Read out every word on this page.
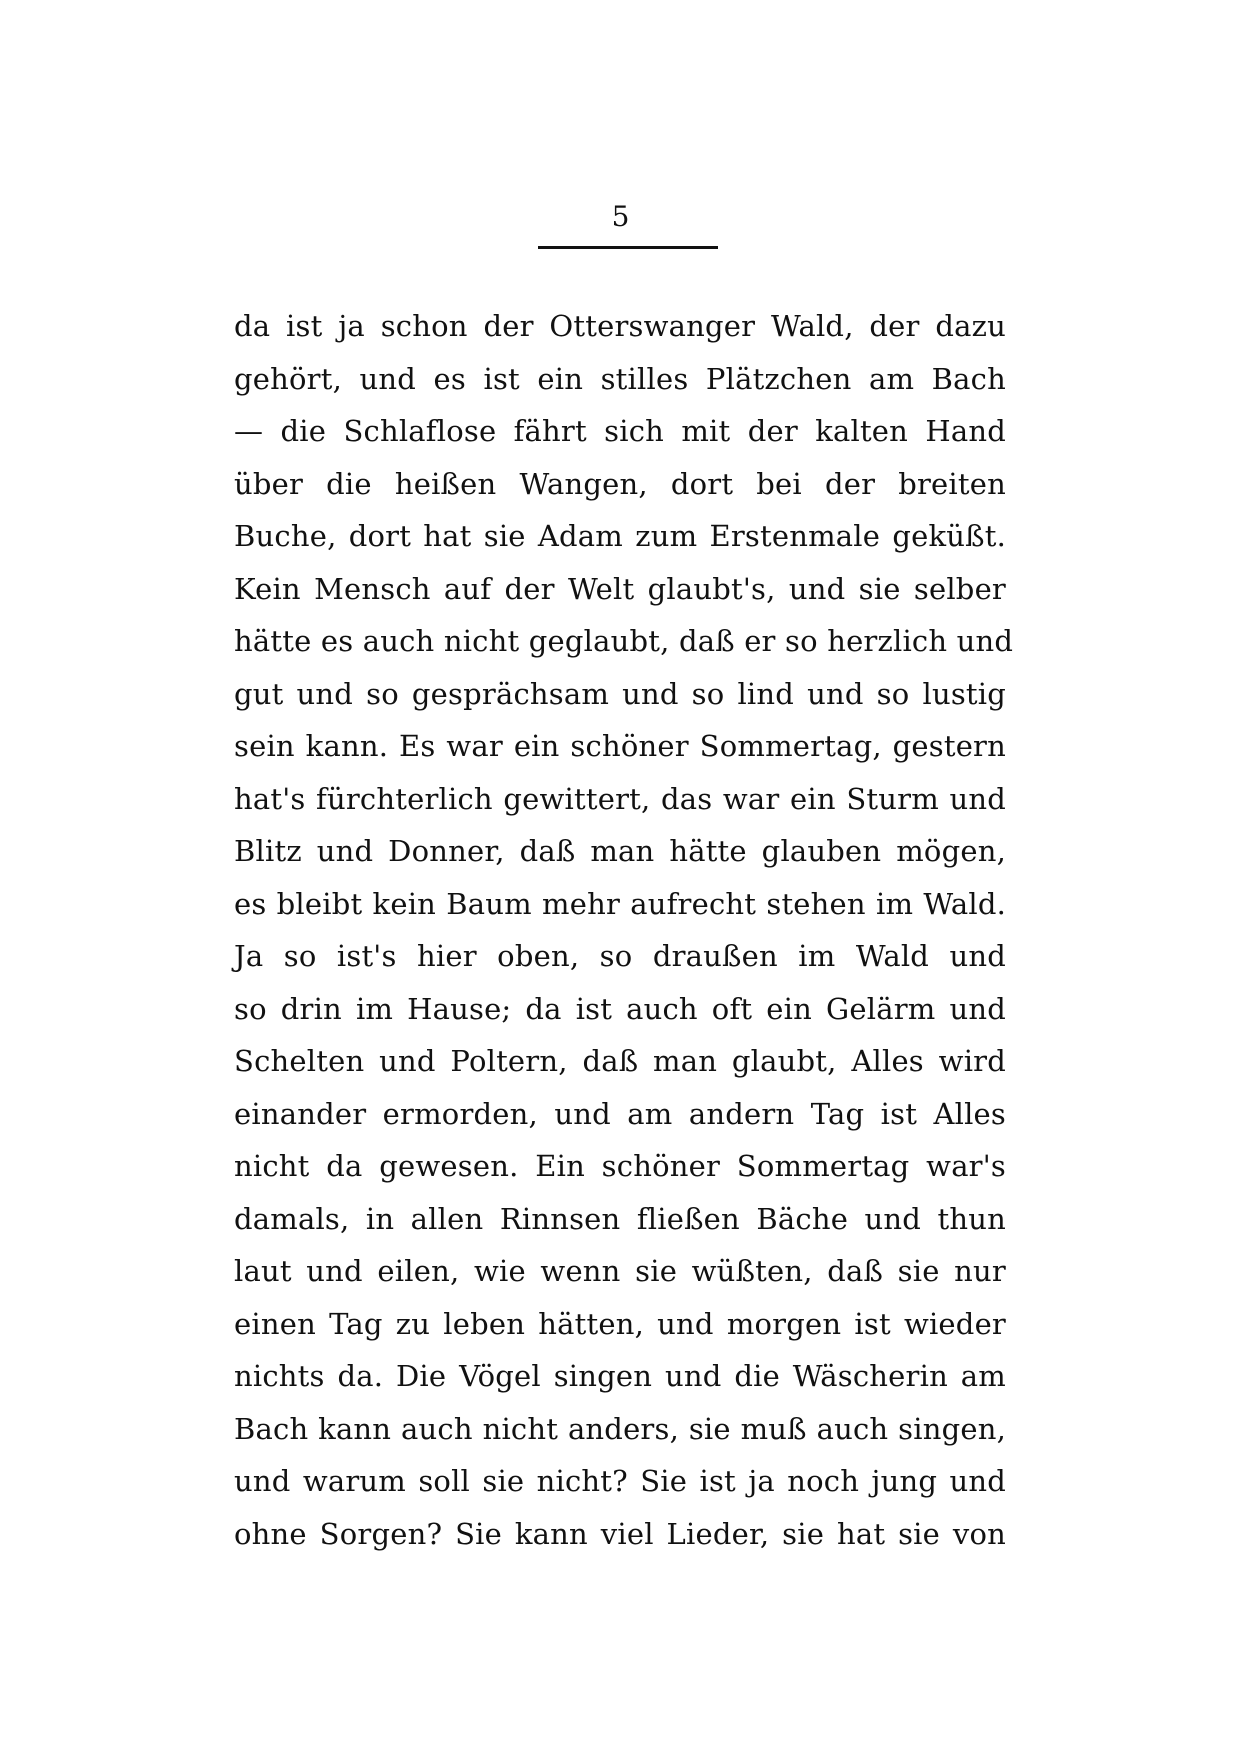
5
da ist ja schon der Otterswanger Wald, der dazu
gehört, und es ist ein stilles Plätzchen am Bach
— die Schlaflose fährt sich mit der kalten Hand
über die heißen Wangen, dort bei der breiten
Buche, dort hat sie Adam zum Erstenmale geküßt.
Kein Mensch auf der Welt glaubt's, und sie selber
hätte es auch nicht geglaubt, daß er so herzlich und
gut und so gesprächsam und so lind und so lustig
sein kann. Es war ein schöner Sommertag, gestern
hat's fürchterlich gewittert, das war ein Sturm und
Blitz und Donner, daß man hätte glauben mögen,
es bleibt kein Baum mehr aufrecht stehen im Wald.
Ja so ist's hier oben, so draußen im Wald und
so drin im Hause; da ist auch oft ein Gelärm und
Schelten und Poltern, daß man glaubt, Alles wird
einander ermorden, und am andern Tag ist Alles
nicht da gewesen. Ein schöner Sommertag war's
damals, in allen Rinnsen fließen Bäche und thun
laut und eilen, wie wenn sie wüßten, daß sie nur
einen Tag zu leben hätten, und morgen ist wieder
nichts da. Die Vögel singen und die Wäscherin am
Bach kann auch nicht anders, sie muß auch singen,
und warum soll sie nicht? Sie ist ja noch jung und
ohne Sorgen? Sie kann viel Lieder, sie hat sie von
